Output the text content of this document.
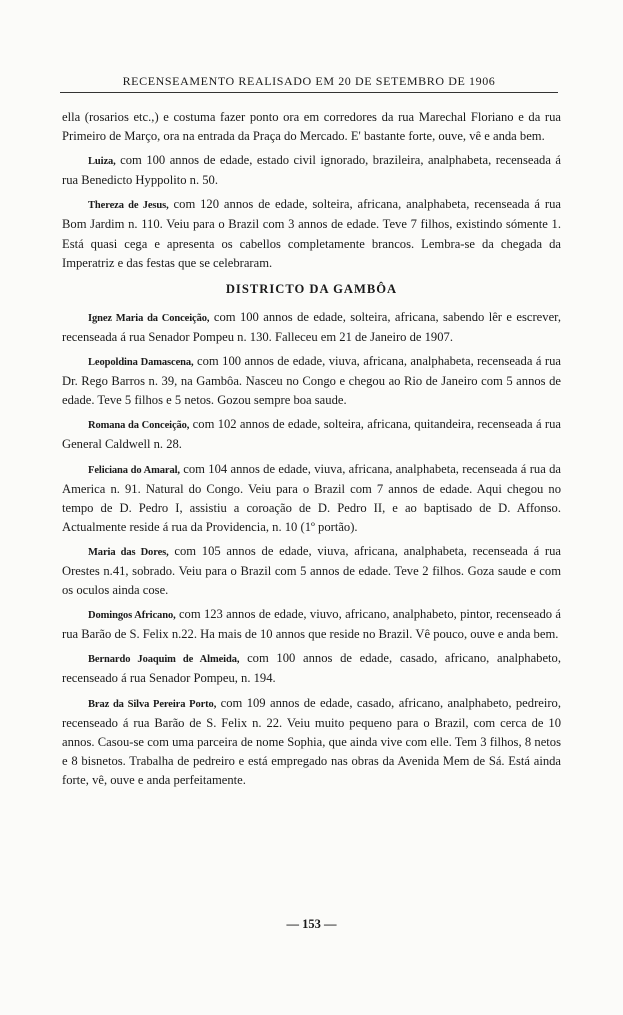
RECENSEAMENTO REALISADO EM 20 DE SETEMBRO DE 1906

ella (rosarios etc.,) e costuma fazer ponto ora em corredores da rua Marechal Floriano e da rua Primeiro de Março, ora na entrada da Praça do Mercado. E' bastante forte, ouve, vê e anda bem.

Luiza, com 100 annos de edade, estado civil ignorado, brazileira, analphabeta, recenseada á rua Benedicto Hyppolito n. 50.

Thereza de Jesus, com 120 annos de edade, solteira, africana, analphabeta, recenseada á rua Bom Jardim n. 110. Veiu para o Brazil com 3 annos de edade. Teve 7 filhos, existindo sómente 1. Está quasi cega e apresenta os cabellos completamente brancos. Lembra-se da chegada da Imperatriz e das festas que se celebraram.

DISTRICTO DA GAMBÔA

Ignez Maria da Conceição, com 100 annos de edade, solteira, africana, sabendo lêr e escrever, recenseada á rua Senador Pompeu n. 130. Falleceu em 21 de Janeiro de 1907.

Leopoldina Damascena, com 100 annos de edade, viuva, africana, analphabeta, recenseada á rua Dr. Rego Barros n. 39, na Gambôa. Nasceu no Congo e chegou ao Rio de Janeiro com 5 annos de edade. Teve 5 filhos e 5 netos. Gozou sempre boa saude.

Romana da Conceição, com 102 annos de edade, solteira, africana, quitandeira, recenseada á rua General Caldwell n. 28.

Feliciana do Amaral, com 104 annos de edade, viuva, africana, analphabeta, recenseada á rua da America n. 91. Natural do Congo. Veiu para o Brazil com 7 annos de edade. Aqui chegou no tempo de D. Pedro I, assistiu a coroação de D. Pedro II, e ao baptisado de D. Affonso. Actualmente reside á rua da Providencia, n. 10 (1º portão).

Maria das Dores, com 105 annos de edade, viuva, africana, analphabeta, recenseada á rua Orestes n.41, sobrado. Veiu para o Brazil com 5 annos de edade. Teve 2 filhos. Goza saude e com os oculos ainda cose.

Domingos Africano, com 123 annos de edade, viuvo, africano, analphabeto, pintor, recenseado á rua Barão de S. Felix n.22. Ha mais de 10 annos que reside no Brazil. Vê pouco, ouve e anda bem.

Bernardo Joaquim de Almeida, com 100 annos de edade, casado, africano, analphabeto, recenseado á rua Senador Pompeu, n. 194.

Braz da Silva Pereira Porto, com 109 annos de edade, casado, africano, analphabeto, pedreiro, recenseado á rua Barão de S. Felix n. 22. Veiu muito pequeno para o Brazil, com cerca de 10 annos. Casou-se com uma parceira de nome Sophia, que ainda vive com elle. Tem 3 filhos, 8 netos e 8 bisnetos. Trabalha de pedreiro e está empregado nas obras da Avenida Mem de Sá. Está ainda forte, vê, ouve e anda perfeitamente.

— 153 —
